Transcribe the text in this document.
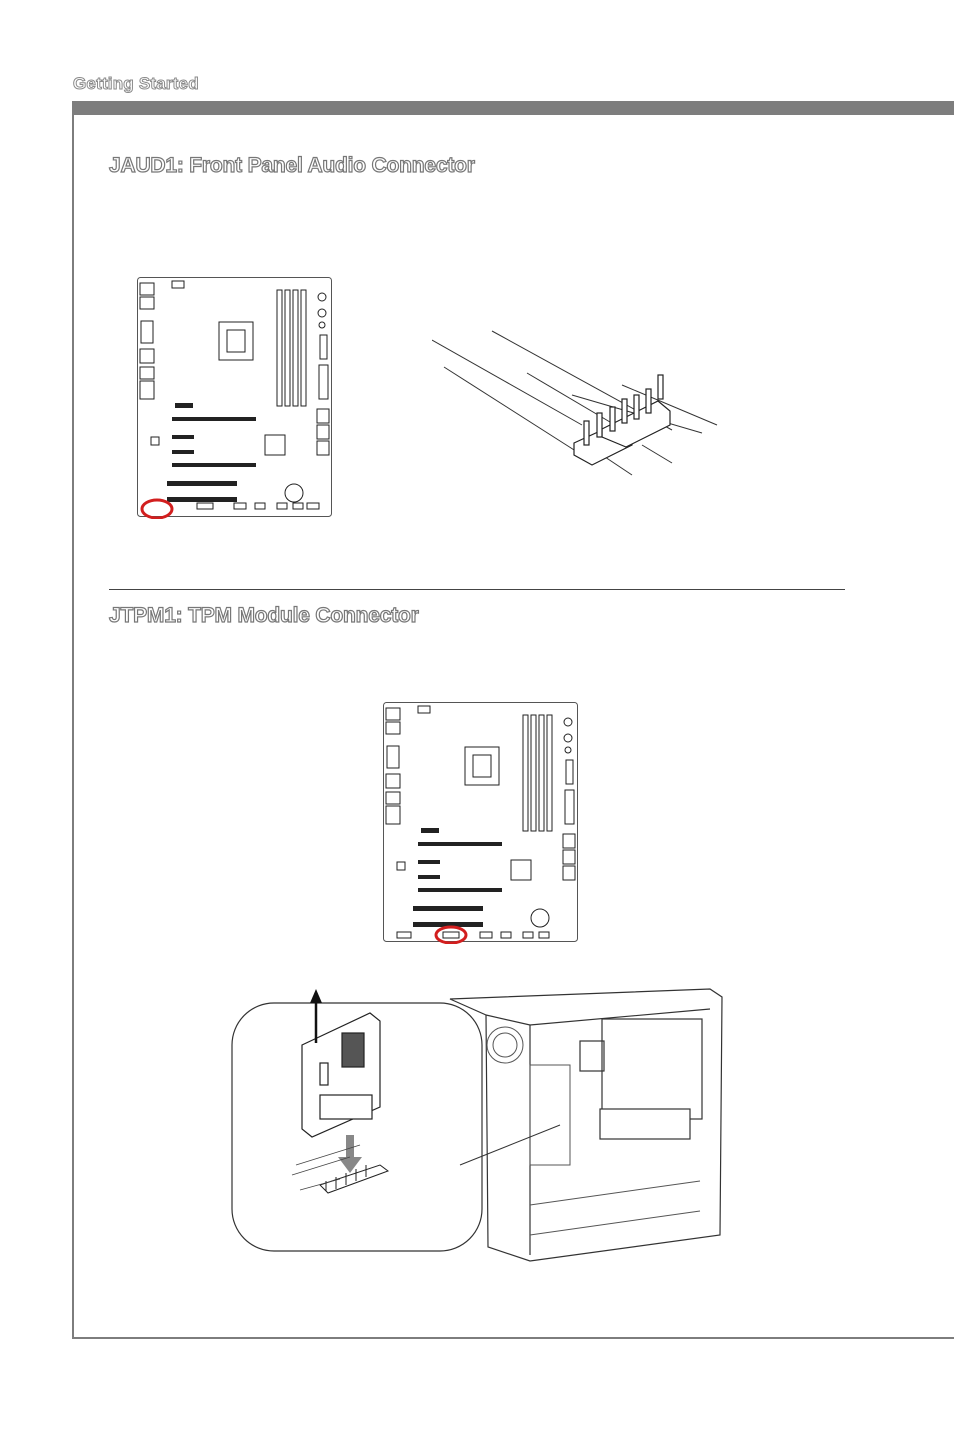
Getting Started
JAUD1: Front Panel Audio Connector
JTPM1: TPM Module Connector
